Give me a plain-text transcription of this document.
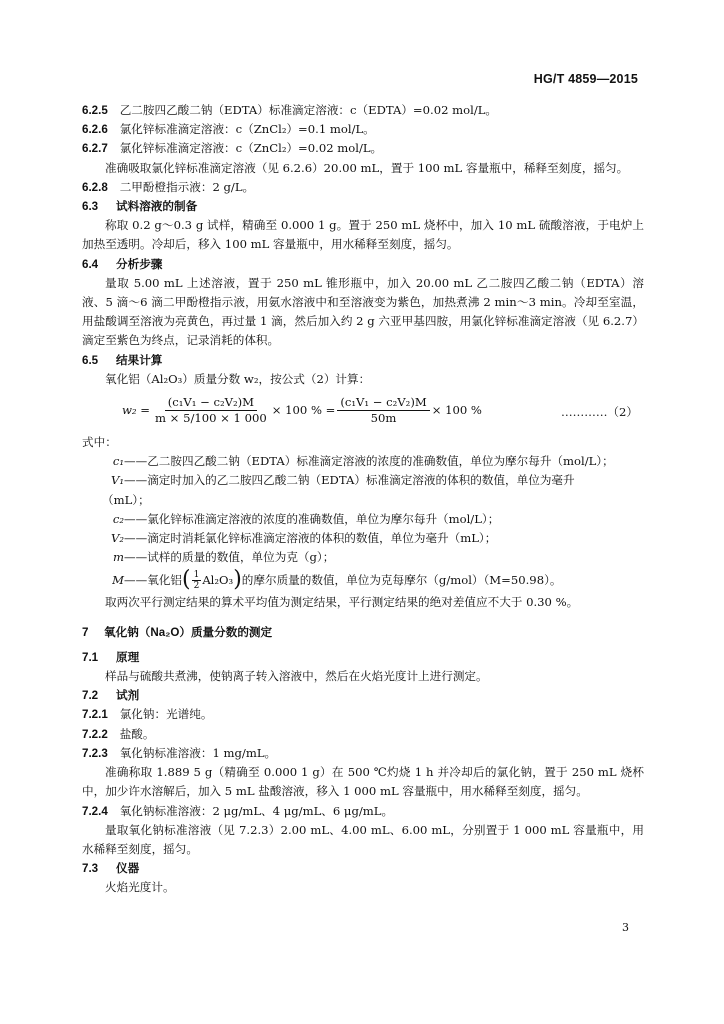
HG/T 4859—2015
6.2.5 乙二胺四乙酸二钠（EDTA）标准滴定溶液：c（EDTA）=0.02 mol/L。
6.2.6 氯化锌标准滴定溶液：c（ZnCl₂）=0.1 mol/L。
6.2.7 氯化锌标准滴定溶液：c（ZnCl₂）=0.02 mol/L。
准确吸取氯化锌标准滴定溶液（见 6.2.6）20.00 mL，置于 100 mL 容量瓶中，稀释至刻度，摇匀。
6.2.8 二甲酚橙指示液：2 g/L。
6.3 试料溶液的制备
称取 0.2 g～0.3 g 试样，精确至 0.000 1 g。置于 250 mL 烧杯中，加入 10 mL 硫酸溶液，于电炉上加热至透明。冷却后，移入 100 mL 容量瓶中，用水稀释至刻度，摇匀。
6.4 分析步骤
量取 5.00 mL 上述溶液，置于 250 mL 锥形瓶中，加入 20.00 mL 乙二胺四乙酸二钠（EDTA）溶液、5 滴～6 滴二甲酚橙指示液，用氨水溶液中和至溶液变为紫色，加热煮沸 2 min～3 min。冷却至室温，用盐酸调至溶液为亮黄色，再过量 1 滴，然后加入约 2 g 六亚甲基四胺，用氯化锌标准滴定溶液（见 6.2.7）滴定至紫色为终点，记录消耗的体积。
6.5 结果计算
氧化铝（Al₂O₃）质量分数 w₂，按公式（2）计算：
$w_2 = \frac{\text{(c₁V₁ − c₂V₂)M}}{m \times 5/100 \times 1 000} \times 100$ % = $\frac{\text{(c₁V₁ − c₂V₂)M}}{50m} \times 100$ %	…………（2）
式中：
c₁——乙二胺四乙酸二钠（EDTA）标准滴定溶液的浓度的准确数值，单位为摩尔每升（mol/L）；
V₁——滴定时加入的乙二胺四乙酸二钠（EDTA）标准滴定溶液的体积的数值，单位为毫升
（mL）；
c₂——氯化锌标准滴定溶液的浓度的准确数值，单位为摩尔每升（mol/L）；
V₂——滴定时消耗氯化锌标准滴定溶液的体积的数值，单位为毫升（mL）；
m——试样的质量的数值，单位为克（g）；
M ——氧化铝 ( $\frac{1}{2} Al_2O_3$ ) 的摩尔质量的数值，单位为克每摩尔（g/mol）（M=50.98）。
取两次平行测定结果的算术平均值为测定结果，平行测定结果的绝对差值应不大于 0.30 %。
7 氧化钠（Na₂O）质量分数的测定
7.1 原理
样品与硫酸共煮沸，使钠离子转入溶液中，然后在火焰光度计上进行测定。
7.2 试剂
7.2.1 氯化钠：光谱纯。
7.2.2 盐酸。
7.2.3 氧化钠标准溶液：1 mg/mL。
准确称取 1.889 5 g（精确至 0.000 1 g）在 500 ℃灼烧 1 h 并冷却后的氯化钠，置于 250 mL 烧杯中，加少许水溶解后，加入 5 mL 盐酸溶液，移入 1 000 mL 容量瓶中，用水稀释至刻度，摇匀。
7.2.4 氧化钠标准溶液：2 μg/mL、4 μg/mL、6 μg/mL。
量取氧化钠标准溶液（见 7.2.3）2.00 mL、4.00 mL、6.00 mL，分别置于 1 000 mL 容量瓶中，用水稀释至刻度，摇匀。
7.3 仪器
火焰光度计。
3
